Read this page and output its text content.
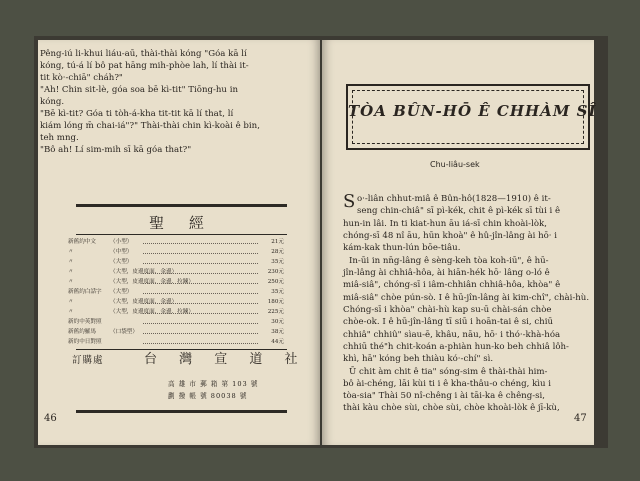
Pêng-iú li-khui liáu-aū, thài-thài kóng "Góa kā lí
kóng, tú-á lí bô pat hāng mih-phòe lah, lí thài it-
tit kò·-chiā" cháh?"
"Ah! Chin sit-lè, góa soa bē kì-tit" Tiōng-hu in
kóng.
"Bē kì-tit? Góa ti tòh-á-kha tit-tit kā lí that, lí
kiám lóng m̄ chai-iá"?" Thài-thài chin kì-koài ê bin,
teh mng.
"Bô ah! Lí sim-mih sī kā góa that?"
聖 經
新舊約中文	（小型）	21元
〃	（中型）	28元
〃	（大型）	35元
〃	（大型，皮邊度面．金邊）	230元
〃	（大型，皮邊度面．金邊．拉鍊）	250元
新舊約白話字 （大型）	35元
〃	（大型，皮邊度面．金邊）	180元
〃	（大型，皮邊度面．金邊．拉鍊）	225元
新約中英對照	30元
新舊約羅馬	（口袋型）	38元
新約中日對照	44元
訂購處	台 灣 宣 道 社
高 雄 市 郵 箱 第 103 號
劃 撥 帳 號 80038 號
46
TÒA BÛN-HŌ Ê CHHÀM SÎ
Chu-liâu-sek
S o·-liân chhut-miâ ê Bûn-hô(1828—1910) ê it-
seng chin-chiâ" sī pì-kék, chit ê pì-kék sī tùi i ê
hun-in lâi. In ti kiat-hun āu iá-sī chin khoài-lòk,
chóng-sī 48 nî āu, hūn khoà" ê hû-jîn-lâng ài hō· i
kám-kak thun-lún bōe-tiâu.
In-ūi in nn̄g-lâng ê sèng-keh tòa koh-iū", ê hū-
jîn-lâng ài chhiâ-hôa, ài hiān-hék hō· lâng o-ló ê
miâ-siâ", chóng-sī i iâm-chhiân chhiâ-hôa, khòa" ê
miâ-siâ" chòe pún-sò. I ê hū-jîn-lâng ài kim-chî", chài-hù.
Chóng-sī i khòa" chài-hù kap su-ū chài-sán chòe
chòe-ok. I ê hū-jîn-lâng tī siū i hoān-tai ê si, chiū
chhiâ" chhiû" sìau-ē, khâu, nāu, hō· i thó·-khà-hóa
chhiū thé"h chit-koán a-phiàn hun-ko beh chhiâ lôh-
khì, hā" kóng beh thiàu kó·-chí" sì.
Ū chit àm chit ê tia" sóng-sim ê thài-thài him-
bô ài-chéng, lāi kùi ti i ê kha-thâu-o chéng, kìu i
tòa-sia" Thài 50 nî-chêng i ài tāi-ka ê chêng-si,
thài kàu chòe sùi, chòe sùi, chòe khoài-lòk ê jī-kù,
47
